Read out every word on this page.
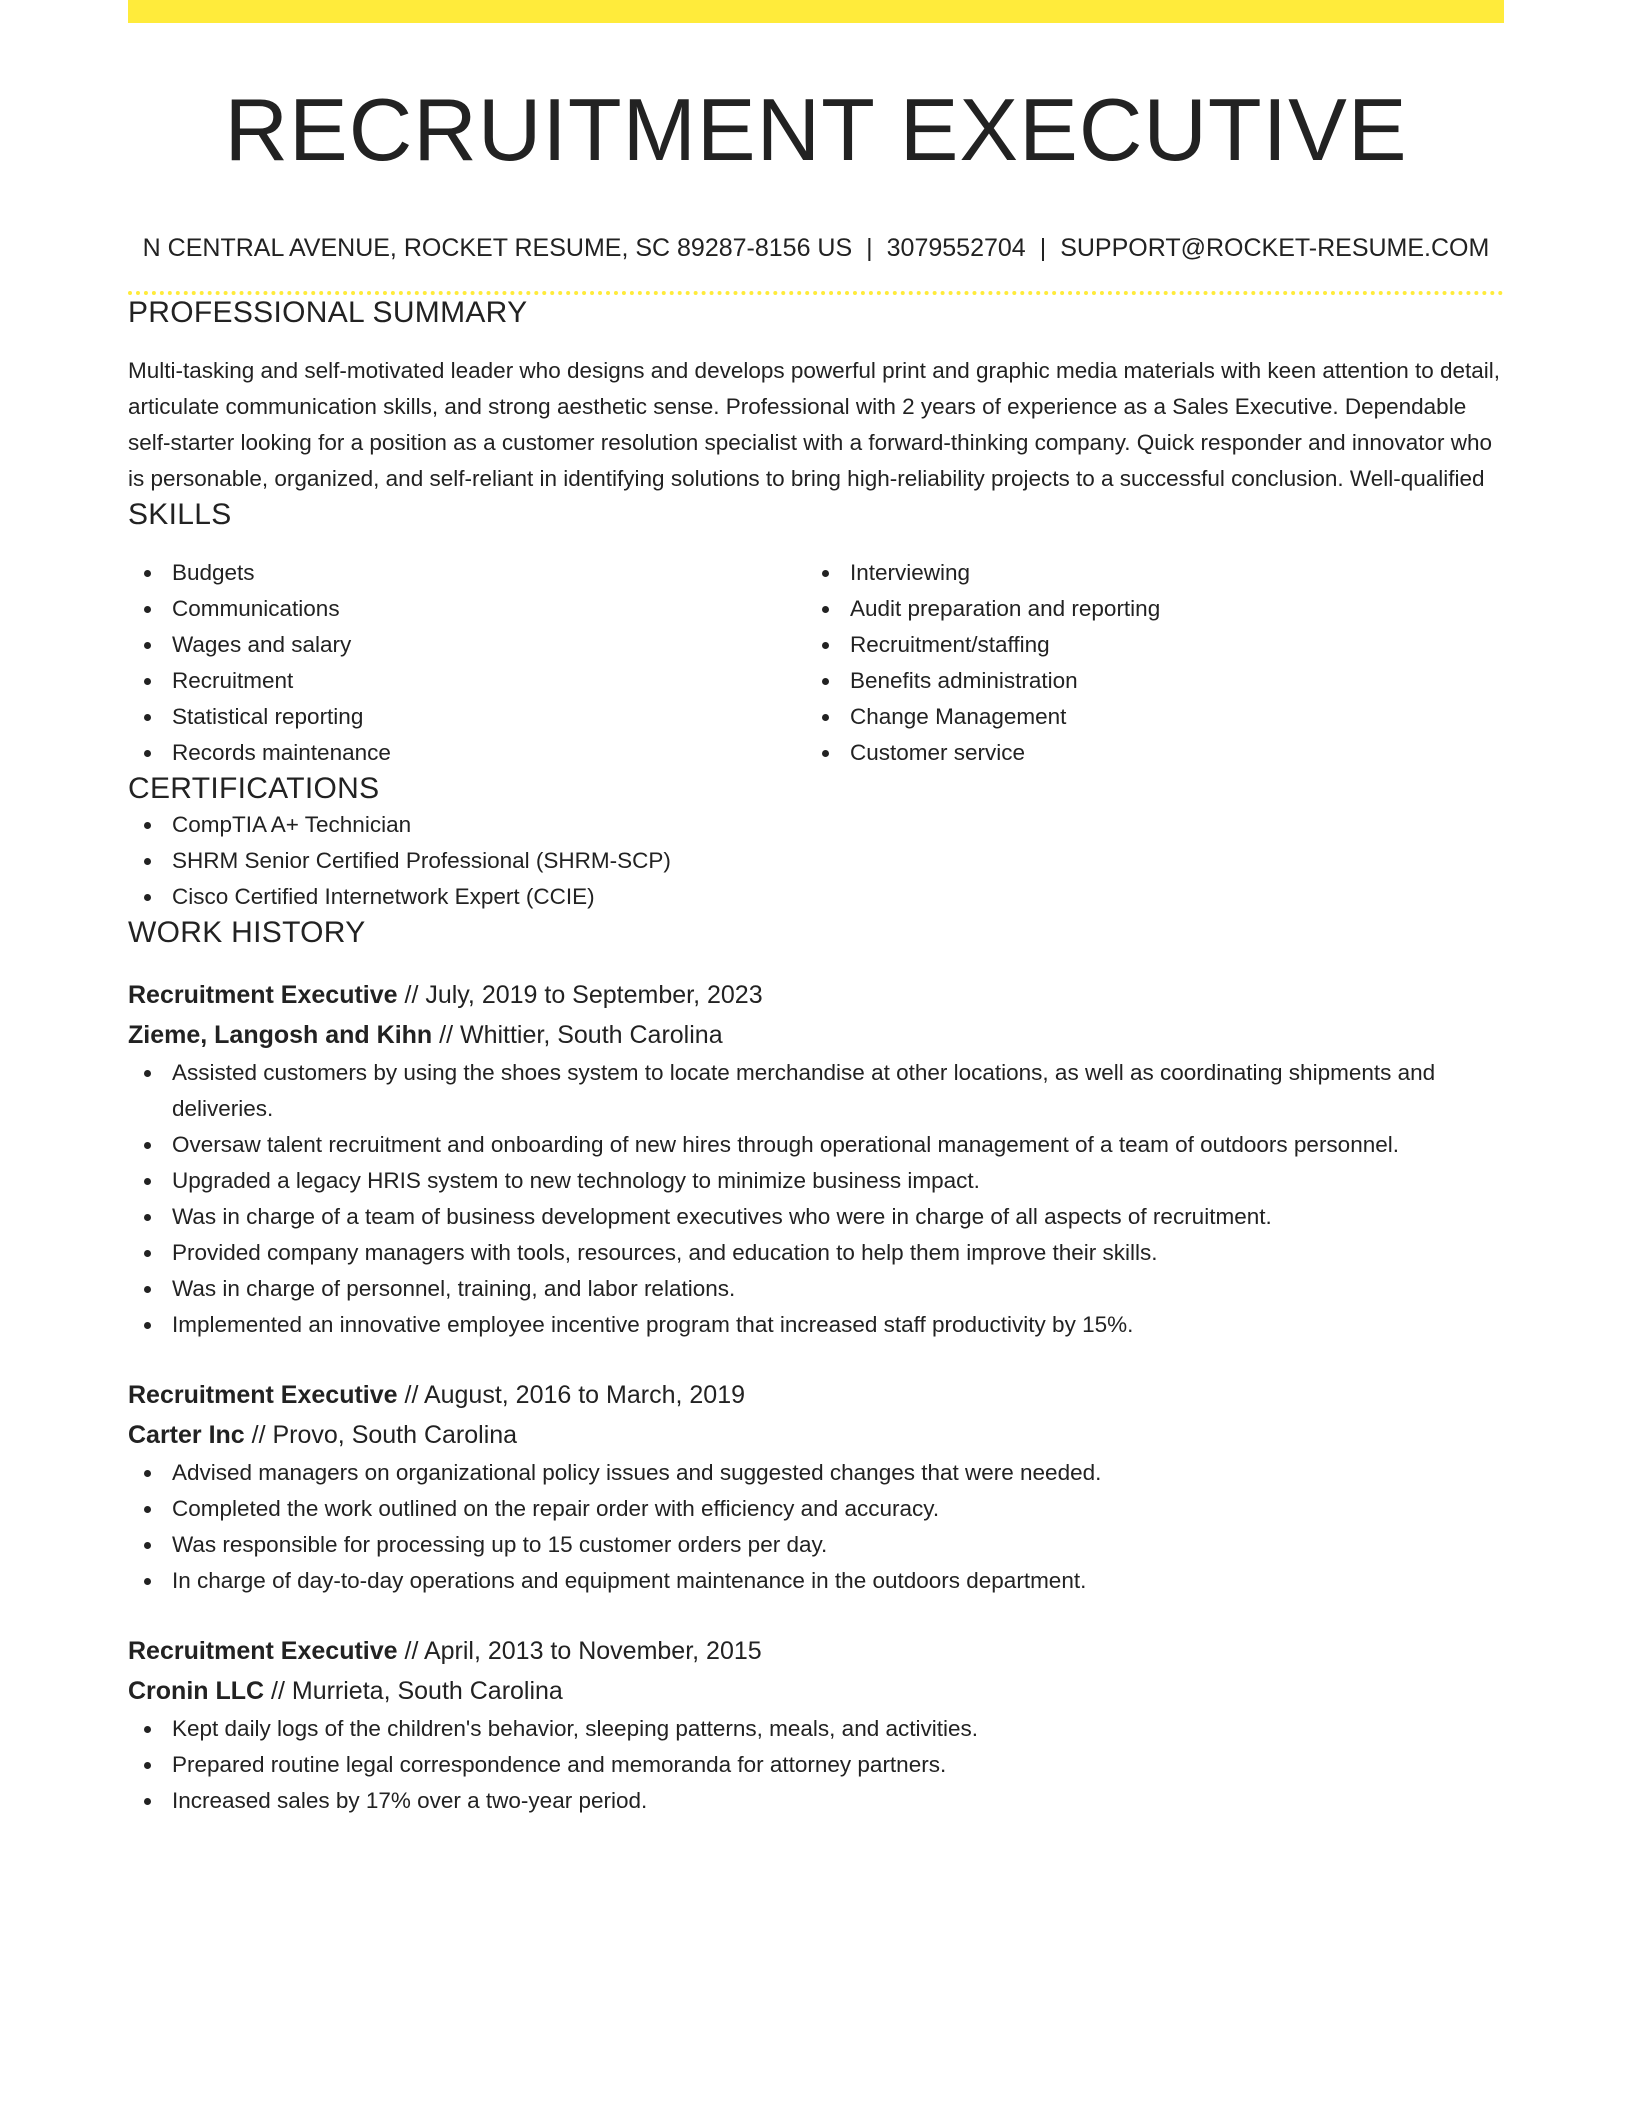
RECRUITMENT EXECUTIVE
N CENTRAL AVENUE, ROCKET RESUME, SC 89287-8156 US | 3079552704 | SUPPORT@ROCKET-RESUME.COM
PROFESSIONAL SUMMARY

Multi-tasking and self-motivated leader who designs and develops powerful print and graphic media materials with keen attention to detail, articulate communication skills, and strong aesthetic sense. Professional with 2 years of experience as a Sales Executive. Dependable self-starter looking for a position as a customer resolution specialist with a forward-thinking company. Quick responder and innovator who is personable, organized, and self-reliant in identifying solutions to bring high-reliability projects to a successful conclusion. Well-qualified

SKILLS
Budgets
Communications
Wages and salary
Recruitment
Statistical reporting
Records maintenance
Interviewing
Audit preparation and reporting
Recruitment/staffing
Benefits administration
Change Management
Customer service
CERTIFICATIONS
CompTIA A+ Technician
SHRM Senior Certified Professional (SHRM-SCP)
Cisco Certified Internetwork Expert (CCIE)
WORK HISTORY
Recruitment Executive // July, 2019 to September, 2023
Zieme, Langosh and Kihn // Whittier, South Carolina
Assisted customers by using the shoes system to locate merchandise at other locations, as well as coordinating shipments and deliveries.
Oversaw talent recruitment and onboarding of new hires through operational management of a team of outdoors personnel.
Upgraded a legacy HRIS system to new technology to minimize business impact.
Was in charge of a team of business development executives who were in charge of all aspects of recruitment.
Provided company managers with tools, resources, and education to help them improve their skills.
Was in charge of personnel, training, and labor relations.
Implemented an innovative employee incentive program that increased staff productivity by 15%.
Recruitment Executive // August, 2016 to March, 2019
Carter Inc // Provo, South Carolina
Advised managers on organizational policy issues and suggested changes that were needed.
Completed the work outlined on the repair order with efficiency and accuracy.
Was responsible for processing up to 15 customer orders per day.
In charge of day-to-day operations and equipment maintenance in the outdoors department.
Recruitment Executive // April, 2013 to November, 2015
Cronin LLC // Murrieta, South Carolina
Kept daily logs of the children's behavior, sleeping patterns, meals, and activities.
Prepared routine legal correspondence and memoranda for attorney partners.
Increased sales by 17% over a two-year period.
